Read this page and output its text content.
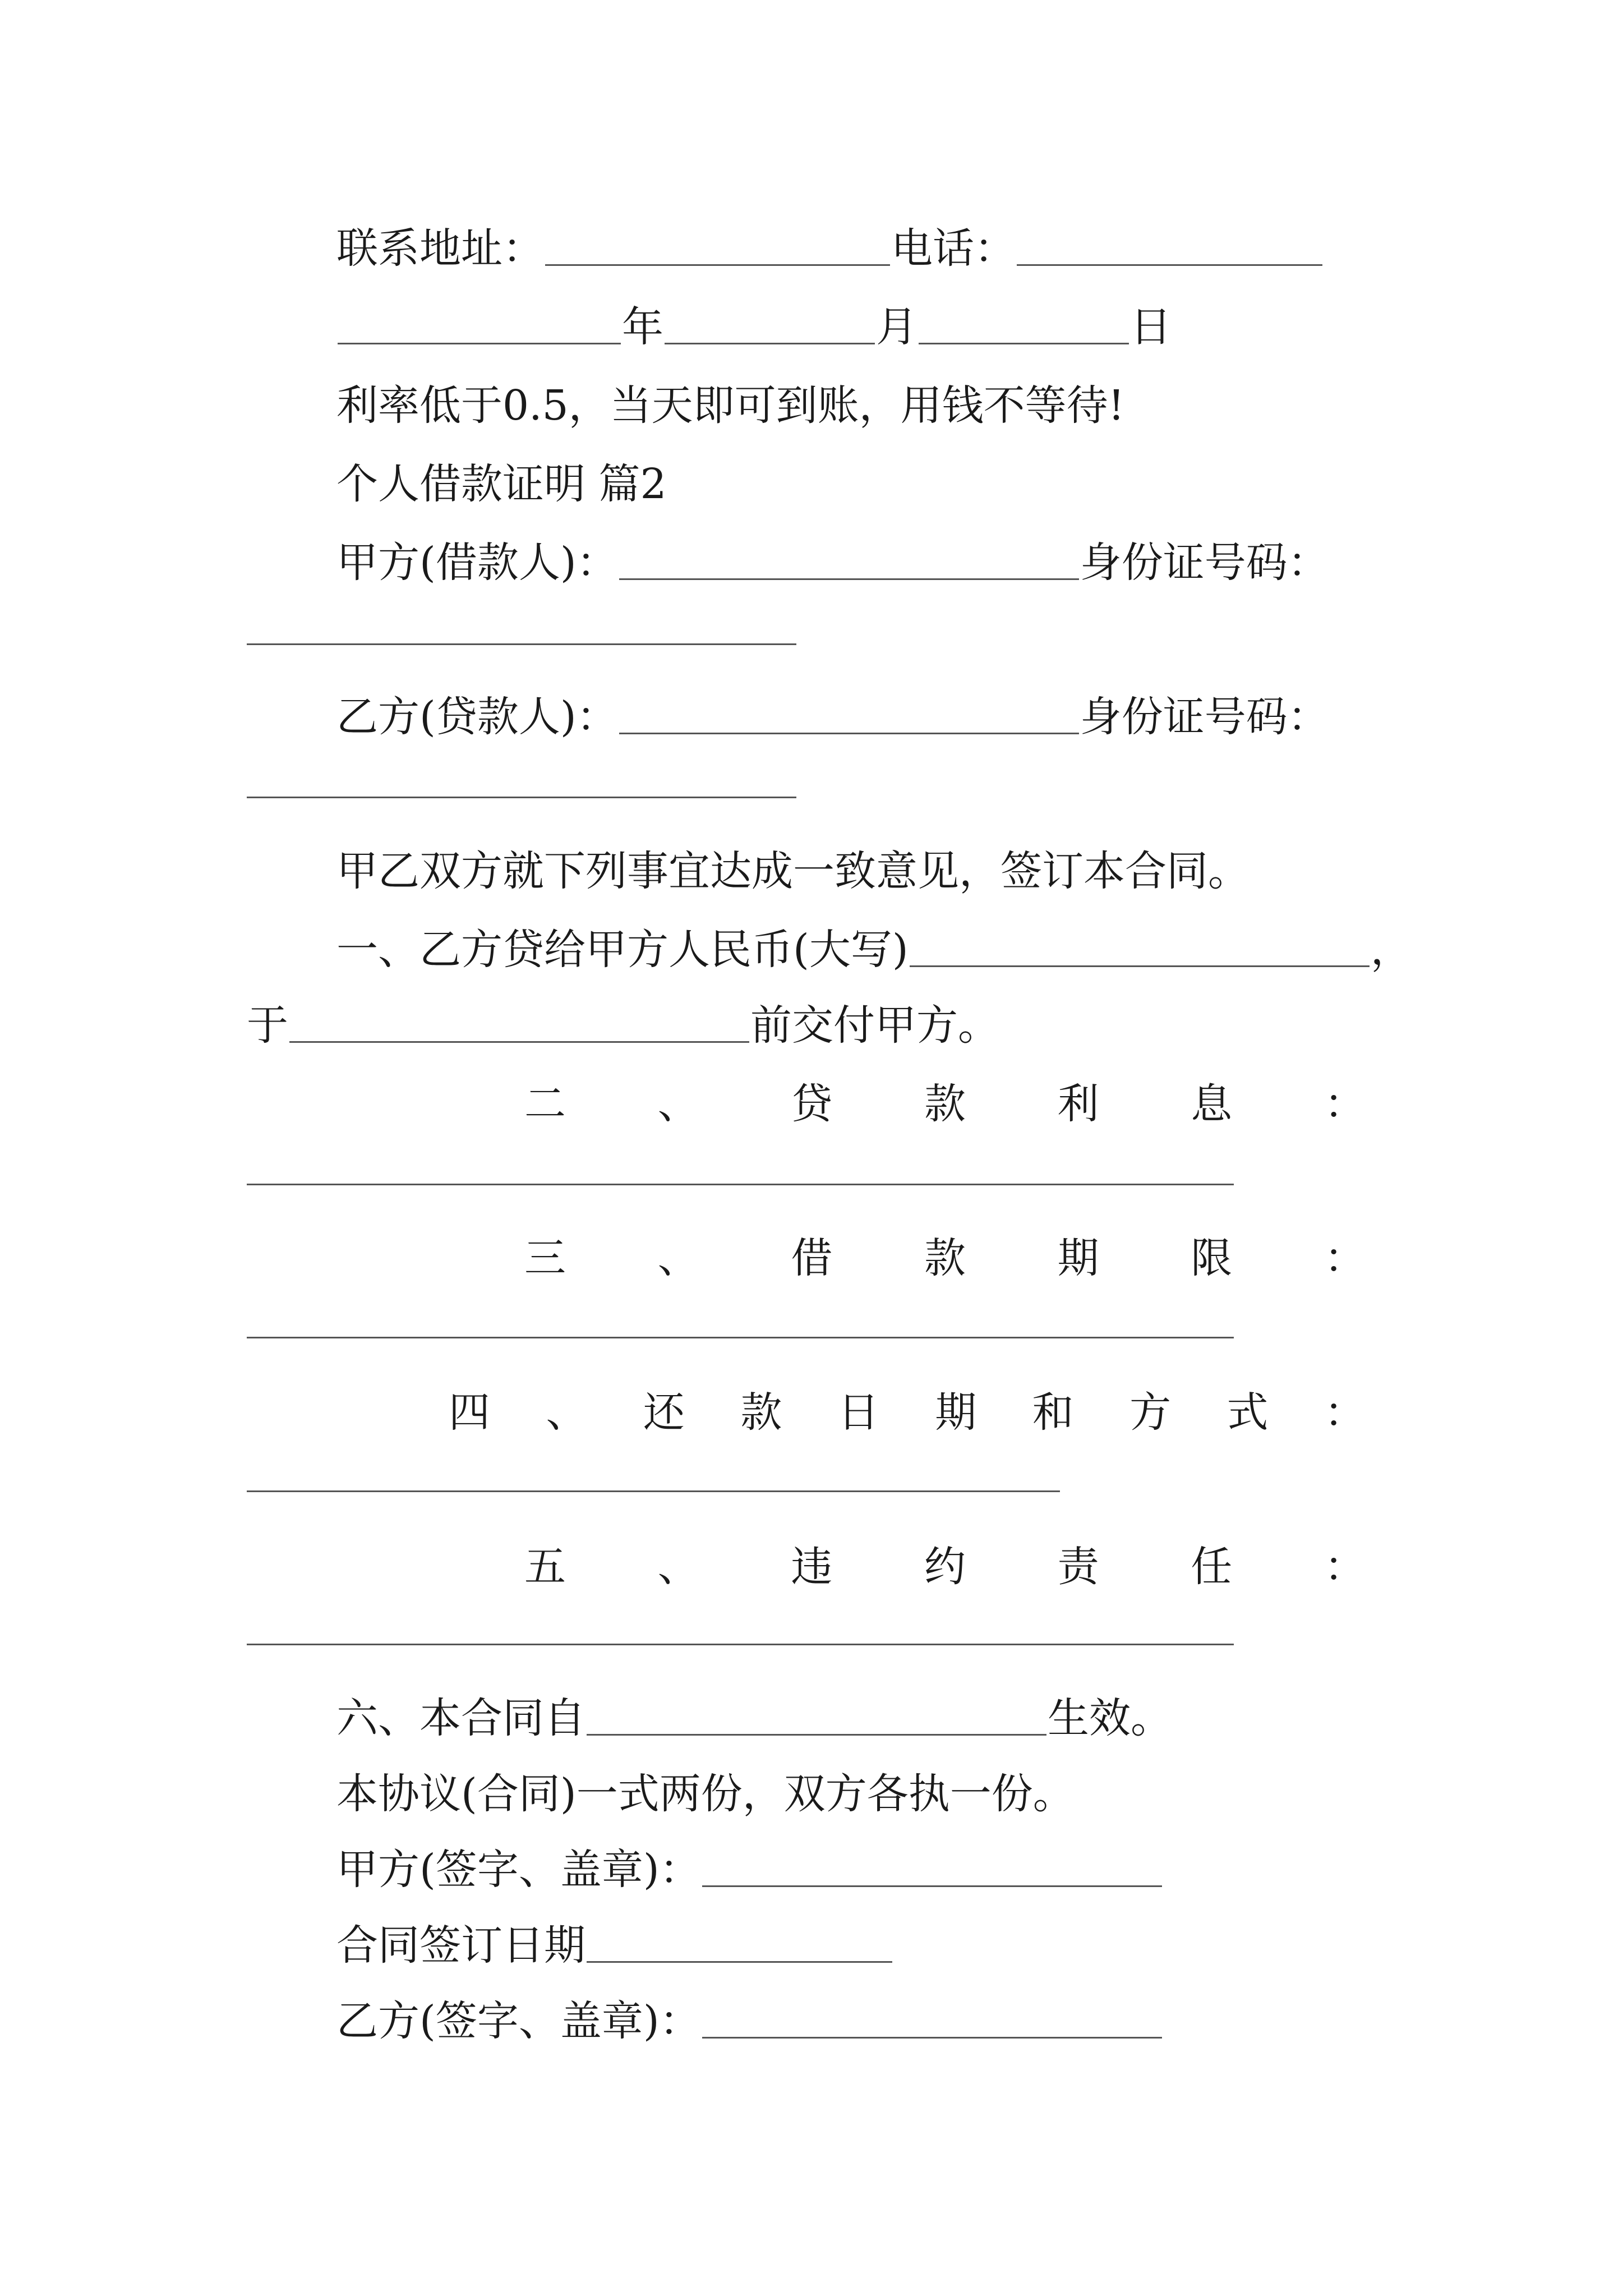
联系地址：	电话：
年	月	日
利率低于0.5，当天即可到账，用钱不等待!
个人借款证明 篇2
甲方(借款人)：	身份证号码：
乙方(贷款人)：	身份证号码：
甲乙双方就下列事宜达成一致意见，签订本合同。
一、乙方贷给甲方人民币(大写)	，
于	前交付甲方。
二 、 贷 款 利 息 ：
三 、 借 款 期 限 ：
四 、 还 款 日 期 和 方 式 ：
五 、 违 约 责 任 ：
六、本合同自	生效。
本协议(合同)一式两份，双方各执一份。
甲方(签字、盖章)：
合同签订日期
乙方(签字、盖章)：
